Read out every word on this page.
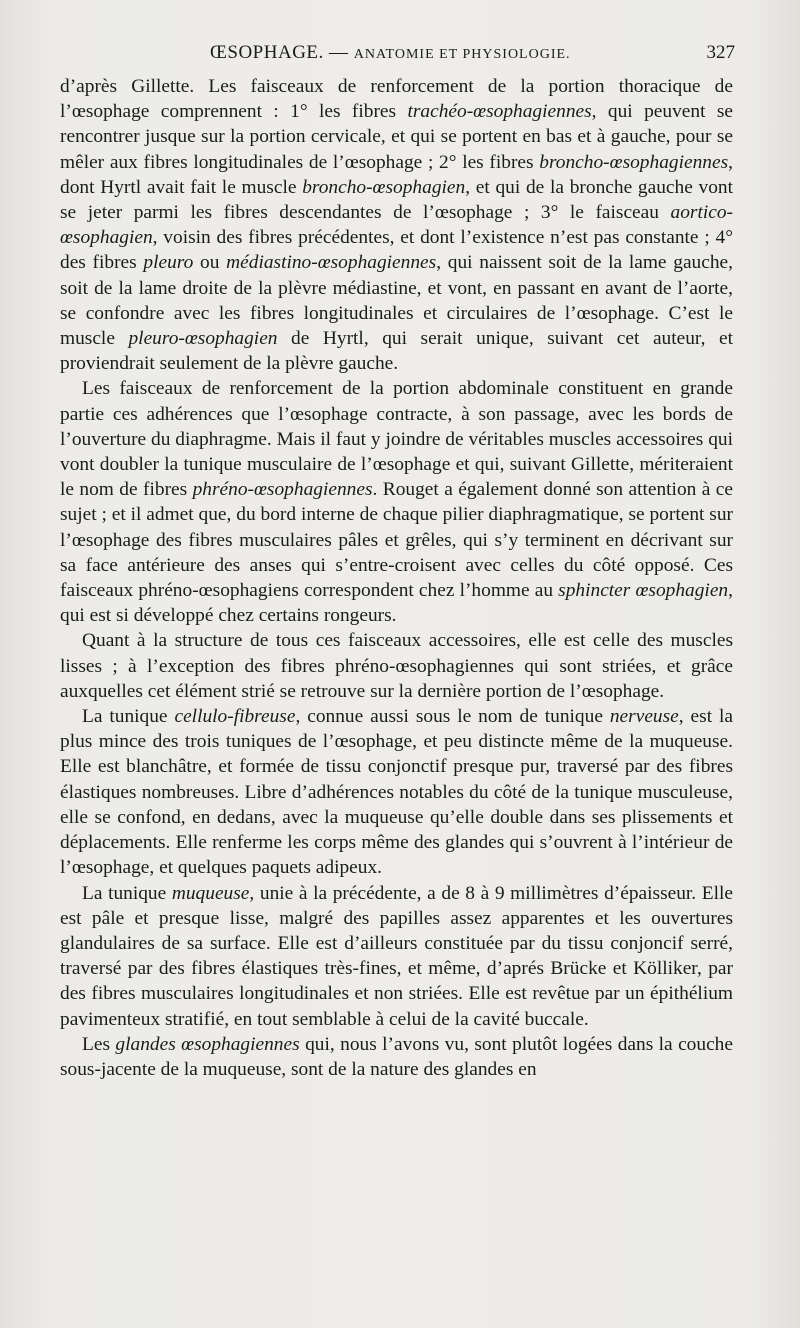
ŒSOPHAGE. — ANATOMIE ET PHYSIOLOGIE.	327

d’après Gillette. Les faisceaux de renforcement de la portion thoracique de l’œsophage comprennent : 1° les fibres trachéo-œsophagiennes, qui peuvent se rencontrer jusque sur la portion cervicale, et qui se portent en bas et à gauche, pour se mêler aux fibres longitudinales de l’œsophage ; 2° les fibres broncho-œsophagiennes, dont Hyrtl avait fait le muscle broncho-œsophagien, et qui de la bronche gauche vont se jeter parmi les fibres descendantes de l’œsophage ; 3° le faisceau aortico-œsophagien, voisin des fibres précédentes, et dont l’existence n’est pas constante ; 4° des fibres pleuro ou médiastino-œsophagiennes, qui naissent soit de la lame gauche, soit de la lame droite de la plèvre médiastine, et vont, en passant en avant de l’aorte, se confondre avec les fibres longitudinales et circulaires de l’œsophage. C’est le muscle pleuro-œsophagien de Hyrtl, qui serait unique, suivant cet auteur, et proviendrait seulement de la plèvre gauche.

Les faisceaux de renforcement de la portion abdominale constituent en grande partie ces adhérences que l’œsophage contracte, à son passage, avec les bords de l’ouverture du diaphragme. Mais il faut y joindre de véritables muscles accessoires qui vont doubler la tunique musculaire de l’œsophage et qui, suivant Gillette, mériteraient le nom de fibres phréno-œsophagiennes. Rouget a également donné son attention à ce sujet ; et il admet que, du bord interne de chaque pilier diaphragmatique, se portent sur l’œsophage des fibres musculaires pâles et grêles, qui s’y terminent en décrivant sur sa face antérieure des anses qui s’entre-croisent avec celles du côté opposé. Ces faisceaux phréno-œsophagiens correspondent chez l’homme au sphincter œsophagien, qui est si développé chez certains rongeurs.

Quant à la structure de tous ces faisceaux accessoires, elle est celle des muscles lisses ; à l’exception des fibres phréno-œsophagiennes qui sont striées, et grâce auxquelles cet élément strié se retrouve sur la dernière portion de l’œsophage.

La tunique cellulo-fibreuse, connue aussi sous le nom de tunique nerveuse, est la plus mince des trois tuniques de l’œsophage, et peu distincte même de la muqueuse. Elle est blanchâtre, et formée de tissu conjonctif presque pur, traversé par des fibres élastiques nombreuses. Libre d’adhérences notables du côté de la tunique musculeuse, elle se confond, en dedans, avec la muqueuse qu’elle double dans ses plissements et déplacements. Elle renferme les corps même des glandes qui s’ouvrent à l’intérieur de l’œsophage, et quelques paquets adipeux.

La tunique muqueuse, unie à la précédente, a de 8 à 9 millimètres d’épaisseur. Elle est pâle et presque lisse, malgré des papilles assez apparentes et les ouvertures glandulaires de sa surface. Elle est d’ailleurs constituée par du tissu conjoncif serré, traversé par des fibres élastiques très-fines, et même, d’aprés Brücke et Kölliker, par des fibres musculaires longitudinales et non striées. Elle est revêtue par un épithélium pavimenteux stratifié, en tout semblable à celui de la cavité buccale.

Les glandes œsophagiennes qui, nous l’avons vu, sont plutôt logées dans la couche sous-jacente de la muqueuse, sont de la nature des glandes en
